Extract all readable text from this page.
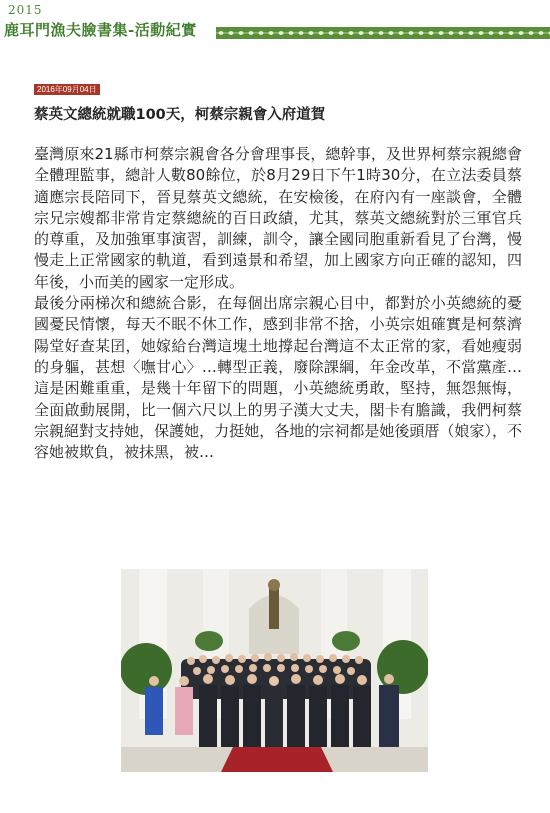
2015
鹿耳門漁夫臉書集-活動紀實
2016年09月04日
蔡英文總統就職100天，柯蔡宗親會入府道賀

臺灣原來21縣市柯蔡宗親會各分會理事長，總幹事，及世界柯蔡宗親總會全體理監事，總計人數80餘位，於8月29日下午1時30分，在立法委員蔡適應宗長陪同下，晉見蔡英文總統，在安檢後，在府內有一座談會，全體宗兄宗嫂都非常肯定蔡總統的百日政績，尤其，蔡英文總統對於三軍官兵的尊重，及加強軍事演習，訓練，訓令，讓全國同胞重新看見了台灣，慢慢走上正常國家的軌道，看到遠景和希望，加上國家方向正確的認知，四年後，小而美的國家一定形成。

最後分兩梯次和總統合影，在每個出席宗親心目中，都對於小英總統的憂國憂民情懷，每天不眠不休工作，感到非常不捨，小英宗姐確實是柯蔡濟陽堂好查某囝，她嫁給台灣這塊土地撐起台灣這不太正常的家，看她瘦弱的身軀，甚想〈嘸甘心〉…轉型正義，廢除課綱，年金改革，不當黨產…這是困難重重，是幾十年留下的問題，小英總統勇敢，堅持，無怨無悔，全面啟動展開，比一個六尺以上的男子漢大丈夫，閣卡有膽識，我們柯蔡宗親絕對支持她，保護她，力挺她，各地的宗祠都是她後頭厝（娘家），不容她被欺負，被抹黑，被…
